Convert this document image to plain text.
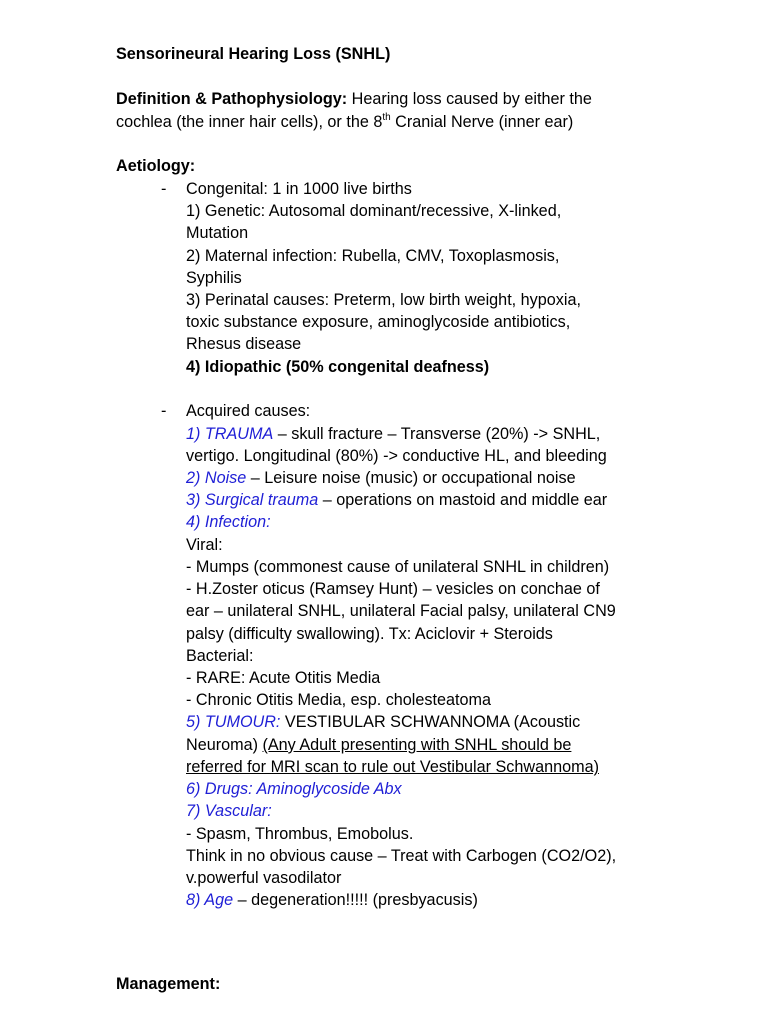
Sensorineural Hearing Loss (SNHL)
Definition & Pathophysiology: Hearing loss caused by either the
cochlea (the inner hair cells), or the 8th Cranial Nerve (inner ear)
Aetiology:
- Congenital: 1 in 1000 live births
1) Genetic: Autosomal dominant/recessive, X-linked,
Mutation
2) Maternal infection: Rubella, CMV, Toxoplasmosis,
Syphilis
3) Perinatal causes: Preterm, low birth weight, hypoxia,
toxic substance exposure, aminoglycoside antibiotics,
Rhesus disease
4) Idiopathic (50% congenital deafness)
- Acquired causes:
1) TRAUMA – skull fracture – Transverse (20%) -> SNHL,
vertigo. Longitudinal (80%) -> conductive HL, and bleeding
2) Noise – Leisure noise (music) or occupational noise
3) Surgical trauma – operations on mastoid and middle ear
4) Infection:
Viral:
- Mumps (commonest cause of unilateral SNHL in children)
- H.Zoster oticus (Ramsey Hunt) – vesicles on conchae of
ear – unilateral SNHL, unilateral Facial palsy, unilateral CN9
palsy (difficulty swallowing). Tx: Aciclovir + Steroids
Bacterial:
- RARE: Acute Otitis Media
- Chronic Otitis Media, esp. cholesteatoma
5) TUMOUR: VESTIBULAR SCHWANNOMA (Acoustic
Neuroma) (Any Adult presenting with SNHL should be
referred for MRI scan to rule out Vestibular Schwannoma)
6) Drugs: Aminoglycoside Abx
7) Vascular:
- Spasm, Thrombus, Emobolus.
Think in no obvious cause – Treat with Carbogen (CO2/O2),
v.powerful vasodilator
8) Age – degeneration!!!!! (presbyacusis)
Management:
